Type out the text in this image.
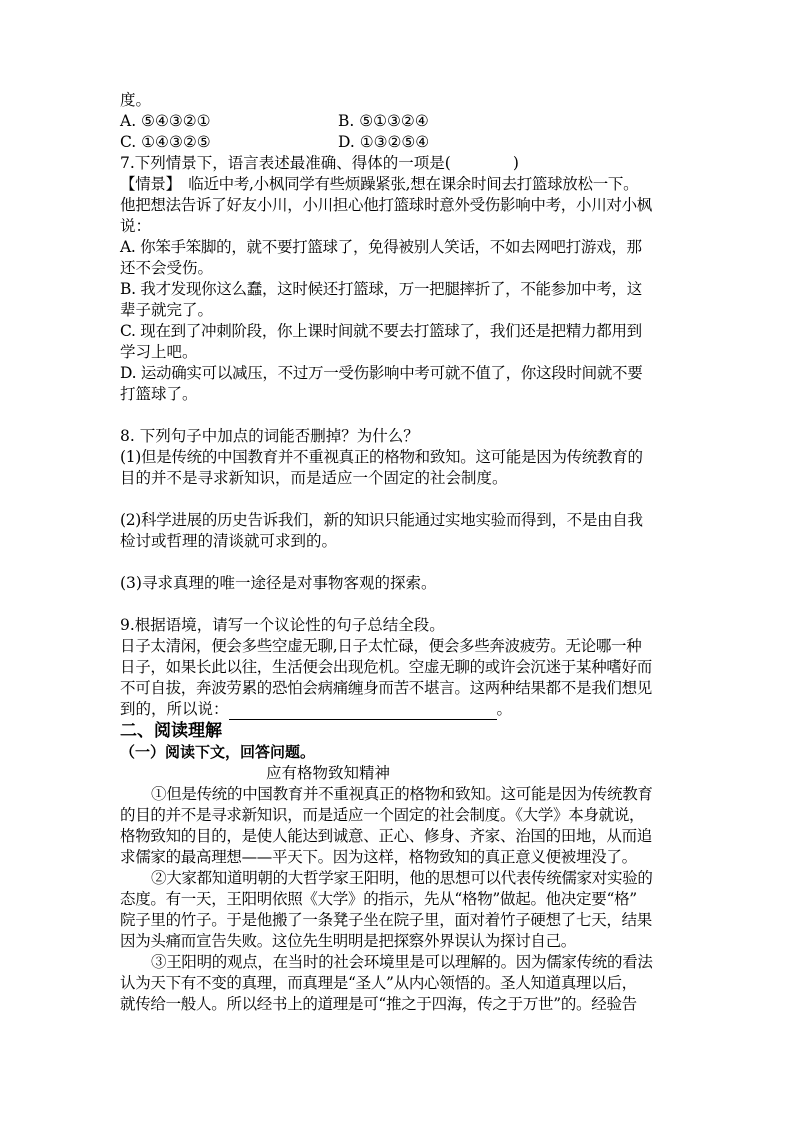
度。
A. ⑤④③②①	B. ⑤①③②④
C. ①④③②⑤	D. ①③②⑤④
7.下列情景下，语言表述最准确、得体的一项是(　　　　)
【情景】　临近中考,小枫同学有些烦躁紧张,想在课余时间去打篮球放松一下。
他把想法告诉了好友小川，小川担心他打篮球时意外受伤影响中考，小川对小枫
说：
A. 你笨手笨脚的，就不要打篮球了，免得被别人笑话，不如去网吧打游戏，那
还不会受伤。
B. 我才发现你这么蠢，这时候还打篮球，万一把腿摔折了，不能参加中考，这
辈子就完了。
C. 现在到了冲刺阶段，你上课时间就不要去打篮球了，我们还是把精力都用到
学习上吧。
D. 运动确实可以减压，不过万一受伤影响中考可就不值了，你这段时间就不要
打篮球了。
8. 下列句子中加点的词能否删掉？为什么？
(1)但是传统的中国教育并不重视真正的格物和致知。这可能是因为传统教育的
目的并不是寻求新知识，而是适应一个固定的社会制度。
(2)科学进展的历史告诉我们，新的知识只能通过实地实验而得到，不是由自我
检讨或哲理的清谈就可求到的。
(3)寻求真理的唯一途径是对事物客观的探索。
9.根据语境，请写一个议论性的句子总结全段。
日子太清闲，便会多些空虚无聊,日子太忙碌，便会多些奔波疲劳。无论哪一种
日子，如果长此以往，生活便会出现危机。空虚无聊的或许会沉迷于某种嗜好而
不可自拔，奔波劳累的恐怕会病痛缠身而苦不堪言。这两种结果都不是我们想见
到的，所以说：	。
二、阅读理解
（一）阅读下文，回答问题。
应有格物致知精神
①但是传统的中国教育并不重视真正的格物和致知。这可能是因为传统教育
的目的并不是寻求新知识，而是适应一个固定的社会制度。《大学》本身就说，
格物致知的目的，是使人能达到诚意、正心、修身、齐家、治国的田地，从而追
求儒家的最高理想——平天下。因为这样，格物致知的真正意义便被埋没了。
②大家都知道明朝的大哲学家王阳明，他的思想可以代表传统儒家对实验的
态度。有一天，王阳明依照《大学》的指示，先从“格物”做起。他决定要“格”
院子里的竹子。于是他搬了一条凳子坐在院子里，面对着竹子硬想了七天，结果
因为头痛而宣告失败。这位先生明明是把探察外界误认为探讨自己。
③王阳明的观点，在当时的社会环境里是可以理解的。因为儒家传统的看法
认为天下有不变的真理，而真理是“圣人”从内心领悟的。圣人知道真理以后，
就传给一般人。所以经书上的道理是可“推之于四海，传之于万世”的。经验告
